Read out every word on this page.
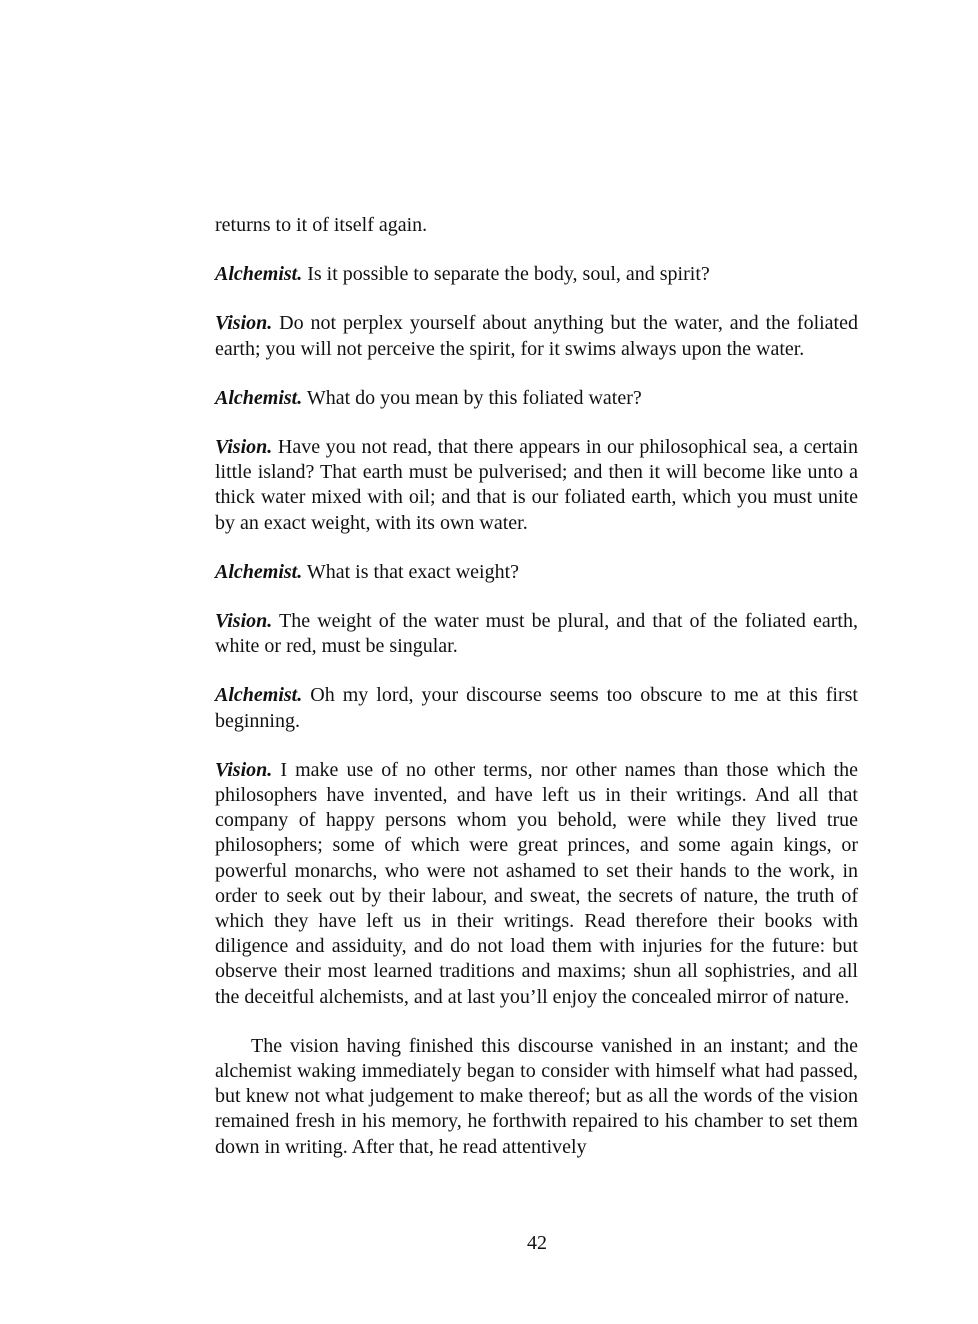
returns to it of itself again.

Alchemist. Is it possible to separate the body, soul, and spirit?

Vision. Do not perplex yourself about anything but the water, and the foliated earth; you will not perceive the spirit, for it swims always upon the water.

Alchemist. What do you mean by this foliated water?

Vision. Have you not read, that there appears in our philosophical sea, a certain little island? That earth must be pulverised; and then it will become like unto a thick water mixed with oil; and that is our foliated earth, which you must unite by an exact weight, with its own water.

Alchemist. What is that exact weight?

Vision. The weight of the water must be plural, and that of the foliated earth, white or red, must be singular.

Alchemist. Oh my lord, your discourse seems too obscure to me at this first beginning.

Vision. I make use of no other terms, nor other names than those which the philosophers have invented, and have left us in their writings. And all that company of happy persons whom you behold, were while they lived true philosophers; some of which were great princes, and some again kings, or powerful monarchs, who were not ashamed to set their hands to the work, in order to seek out by their labour, and sweat, the secrets of nature, the truth of which they have left us in their writings. Read therefore their books with diligence and assiduity, and do not load them with injuries for the future: but observe their most learned traditions and maxims; shun all sophistries, and all the deceitful alchemists, and at last you’ll enjoy the concealed mirror of nature.

The vision having finished this discourse vanished in an instant; and the alchemist waking immediately began to consider with himself what had passed, but knew not what judgement to make thereof; but as all the words of the vision remained fresh in his memory, he forthwith repaired to his chamber to set them down in writing. After that, he read attentively

42
